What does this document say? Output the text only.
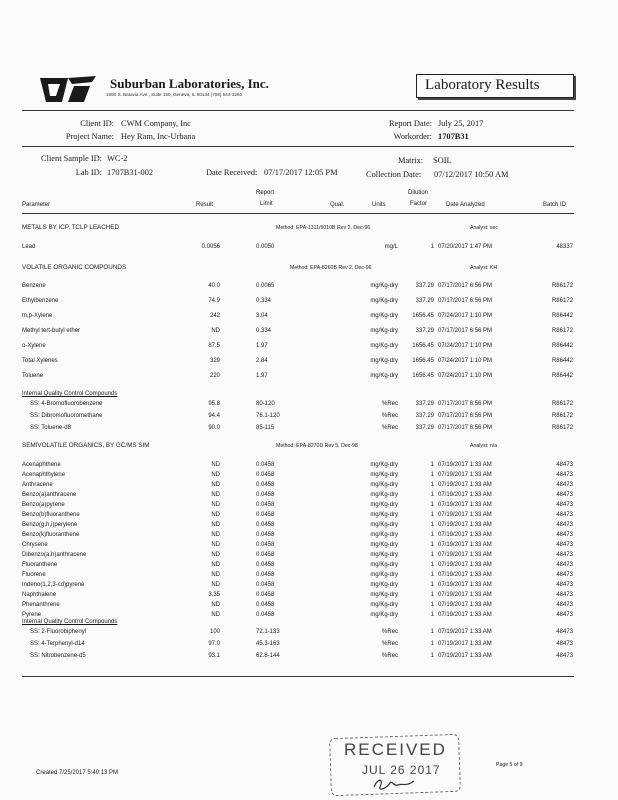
Suburban Laboratories, Inc.
1950 S. Batavia Ave., Suite 150, Geneva, IL 60134 (708) 544-3260
Laboratory Results
Client ID: CWM Company, Inc
Project Name: Hey Ram, Inc-Urbana
Report Date: July 25, 2017
Workorder: 1707B31
Client Sample ID: WC-2
Lab ID: 1707B31-002	Date Received: 07/17/2017 12:05 PM
Matrix: SOIL
Collection Date: 07/12/2017 10:50 AM
Parameter	Result
Report
Limit	Qual.	Units
Dilution
Factor	Date Analyzed	Batch ID
METALS BY ICP, TCLP LEACHED	Method: EPA-1311/6010B Rev 2, Dec-96	Analyst: sec
Lead	0.0056	0.0050	mg/L	1 07/20/2017 1:47 PM	48337
VOLATILE ORGANIC COMPOUNDS	Method: EPA-8260B Rev 2, Dec-96	Analyst: KH
Benzene	40.0	0.0065	mg/Kg-dry	337.29 07/17/2017 6:56 PM	R86172
Ethylbenzene	74.9	0.334	mg/Kg-dry	337.29 07/17/2017 6:56 PM	R86172
m,p-Xylene	242	3.04	mg/Kg-dry	1656.45 07/24/2017 1:10 PM	R86442
Methyl tert-butyl ether	ND	0.334	mg/Kg-dry	337.29 07/17/2017 6:56 PM	R86172
o-Xylene	87.5	1.97	mg/Kg-dry	1656.45 07/24/2017 1:10 PM	R86442
Total Xylenes	329	2.84	mg/Kg-dry	1656.45 07/24/2017 1:10 PM	R86442
Toluene	220	1.97	mg/Kg-dry	1656.45 07/24/2017 1:10 PM	R86442
Internal Quality Control Compounds
SS: 4-Bromofluorobenzene	95.8	80-120	%Rec	337.29 07/17/2017 6:56 PM	R86172
SS: Dibromofluoromethane	94.4	76.1-120	%Rec	337.29 07/17/2017 6:56 PM	R86172
SS: Toluene-d8	90.0	85-115	%Rec	337.29 07/17/2017 6:56 PM	R86172
SEMIVOLATILE ORGANICS, BY GC/MS SIM	Method: EPA-8270D Rev 5, Dec-98	Analyst: n/a
Acenaphthene	ND	0.0458	mg/Kg-dry	1 07/19/2017 1:33 AM	48473
Acenaphthylene	ND	0.0458	mg/Kg-dry	1 07/19/2017 1:33 AM	48473
Anthracene	ND	0.0458	mg/Kg-dry	1 07/19/2017 1:33 AM	48473
Benzo(a)anthracene	ND	0.0458	mg/Kg-dry	1 07/19/2017 1:33 AM	48473
Benzo(a)pyrene	ND	0.0458	mg/Kg-dry	1 07/19/2017 1:33 AM	48473
Benzo(b)fluoranthene	ND	0.0458	mg/Kg-dry	1 07/19/2017 1:33 AM	48473
Benzo(g,h,i)perylene	ND	0.0458	mg/Kg-dry	1 07/19/2017 1:33 AM	48473
Benzo(k)fluoranthene	ND	0.0458	mg/Kg-dry	1 07/19/2017 1:33 AM	48473
Chrysene	ND	0.0458	mg/Kg-dry	1 07/19/2017 1:33 AM	48473
Dibenzo(a,h)anthracene	ND	0.0458	mg/Kg-dry	1 07/19/2017 1:33 AM	48473
Fluoranthene	ND	0.0458	mg/Kg-dry	1 07/19/2017 1:33 AM	48473
Fluorene	ND	0.0458	mg/Kg-dry	1 07/19/2017 1:33 AM	48473
Indeno(1,2,3-cd)pyrene	ND	0.0458	mg/Kg-dry	1 07/19/2017 1:33 AM	48473
Naphthalene	3.35	0.0458	mg/Kg-dry	1 07/19/2017 1:33 AM	48473
Phenanthrene	ND	0.0458	mg/Kg-dry	1 07/19/2017 1:33 AM	48473
Pyrene	ND	0.0458	mg/Kg-dry	1 07/19/2017 1:33 AM	48473
Internal Quality Control Compounds
SS: 2-Fluorobiphenyl	100	72.1-133	%Rec	1 07/19/2017 1:33 AM	48473
SS: 4-Terphenyl-d14	97.0	45.3-163	%Rec	1 07/19/2017 1:33 AM	48473
SS: Nitrobenzene-d5	93.1	62.8-144	%Rec	1 07/19/2017 1:33 AM	48473
Created 7/25/2017 5:40:13 PM
Page 5 of 9
RECEIVED
JUL 26 2017
